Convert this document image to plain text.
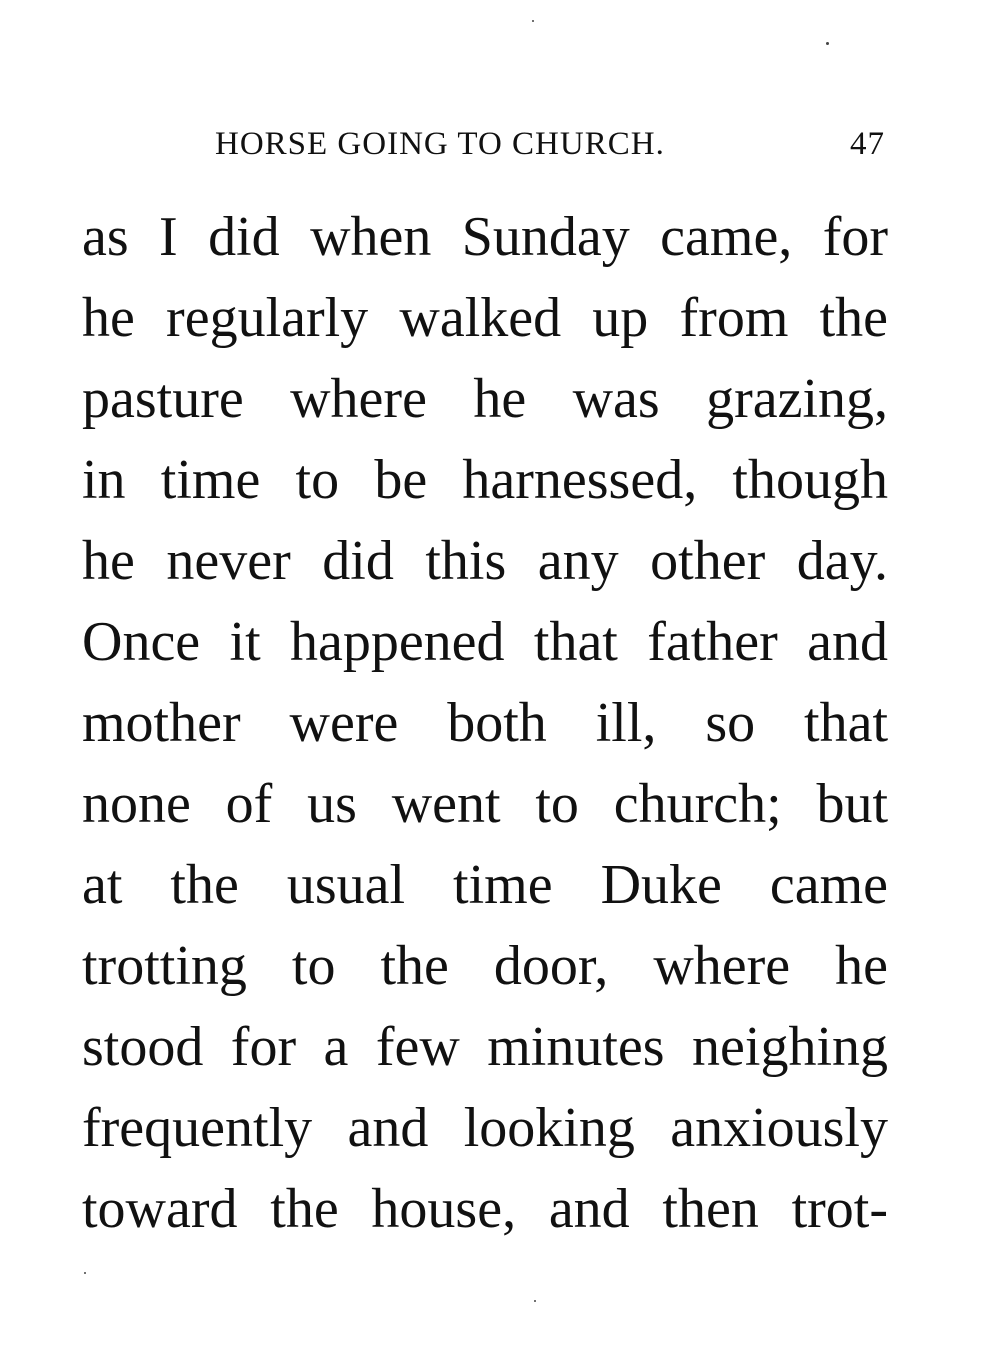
HORSE GOING TO CHURCH.	47
as I did when Sunday came, for
he regularly walked up from the
pasture where he was grazing,
in time to be harnessed, though
he never did this any other day.
Once it happened that father and
mother were both ill, so that
none of us went to church; but
at the usual time Duke came
trotting to the door, where he
stood for a few minutes neighing
frequently and looking anxiously
toward the house, and then trot-
